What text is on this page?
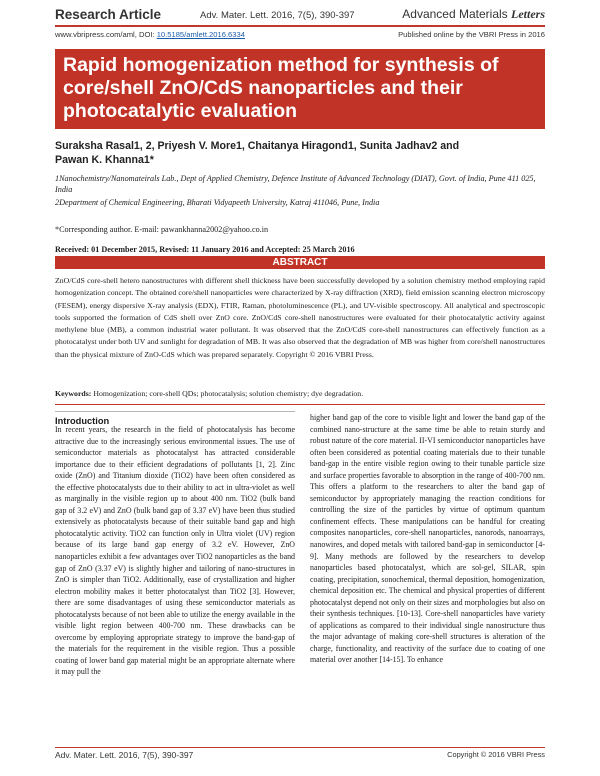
Research Article	Adv. Mater. Lett. 2016, 7(5), 390-397	Advanced Materials Letters
www.vbripress.com/aml, DOI: 10.5185/amlett.2016.6334	Published online by the VBRI Press in 2016
Rapid homogenization method for synthesis of core/shell ZnO/CdS nanoparticles and their photocatalytic evaluation
Suraksha Rasal1, 2, Priyesh V. More1, Chaitanya Hiragond1, Sunita Jadhav2 and
Pawan K. Khanna1*
1Nanochemistry/Nanomateirals Lab., Dept of Applied Chemistry, Defence Institute of Advanced Technology (DIAT), Govt. of India, Pune 411 025, India
2Department of Chemical Engineering, Bharati Vidyapeeth University, Katraj 411046, Pune, India
*Corresponding author. E-mail: pawankhanna2002@yahoo.co.in
Received: 01 December 2015, Revised: 11 January 2016 and Accepted: 25 March 2016
ABSTRACT
ZnO/CdS core-shell hetero nanostructures with different shell thickness have been successfully developed by a solution chemistry method employing rapid homogenization concept. The obtained core/shell nanoparticles were characterized by X-ray diffraction (XRD), field emission scanning electron microscopy (FESEM), energy dispersive X-ray analysis (EDX), FTIR, Raman, photoluminescence (PL), and UV-visible spectroscopy. All analytical and spectroscopic tools supported the formation of CdS shell over ZnO core. ZnO/CdS core-shell nanostructures were evaluated for their photocatalytic activity against methylene blue (MB), a common industrial water pollutant. It was observed that the ZnO/CdS core-shell nanostructures can effectively function as a photocatalyst under both UV and sunlight for degradation of MB. It was also observed that the degradation of MB was higher from core/shell nanostructures than the physical mixture of ZnO-CdS which was prepared separately. Copyright © 2016 VBRI Press.
Keywords: Homogenization; core-shell QDs; photocatalysis; solution chemistry; dye degradation.
Introduction
In recent years, the research in the field of photocatalysis has become attractive due to the increasingly serious environmental issues. The use of semiconductor materials as photocatalyst has attracted considerable importance due to their efficient degradations of pollutants [1, 2]. Zinc oxide (ZnO) and Titanium dioxide (TiO2) have been often considered as the effective photocatalysts due to their ability to act in ultra-violet as well as marginally in the visible region up to about 400 nm. TiO2 (bulk band gap of 3.2 eV) and ZnO (bulk band gap of 3.37 eV) have been thus studied extensively as photocatalysts because of their suitable band gap and high photocatalytic activity. TiO2 can function only in Ultra violet (UV) region because of its large band gap energy of 3.2 eV. However, ZnO nanoparticles exhibit a few advantages over TiO2 nanoparticles as the band gap of ZnO (3.37 eV) is slightly higher and tailoring of nano-structures in ZnO is simpler than TiO2. Additionally, ease of crystallization and higher electron mobility makes it better photocatalyst than TiO2 [3]. However, there are some disadvantages of using these semiconductor materials as photocatalysts because of not been able to utilize the energy available in the visible light region between 400-700 nm. These drawbacks can be overcome by employing appropriate strategy to improve the band-gap of the materials for the requirement in the visible region. Thus a possible coating of lower band gap material might be an appropriate alternate where it may pull the
higher band gap of the core to visible light and lower the band gap of the combined nano-structure at the same time be able to retain sturdy and robust nature of the core material. II-VI semiconductor nanoparticles have often been considered as potential coating materials due to their tunable band-gap in the entire visible region owing to their tunable particle size and surface properties favorable to absorption in the range of 400-700 nm. This offers a platform to the researchers to alter the band gap of semiconductor by appropriately managing the reaction conditions for controlling the size of the particles by virtue of optimum quantum confinement effects. These manipulations can be handful for creating composites nanoparticles, core-shell nanoparticles, nanorods, nanoarrays, nanowires, and doped metals with tailored band-gap in semiconductor [4-9]. Many methods are followed by the researchers to develop nanoparticles based photocatalyst, which are sol-gel, SILAR, spin coating, precipitation, sonochemical, thermal deposition, homogenization, chemical deposition etc. The chemical and physical properties of different photocatalyst depend not only on their sizes and morphologies but also on their synthesis techniques. [10-13]. Core-shell nanoparticles have variety of applications as compared to their individual single nanostructure thus the major advantage of making core-shell structures is alteration of the charge, functionality, and reactivity of the surface due to coating of one material over another [14-15]. To enhance
Adv. Mater. Lett. 2016, 7(5), 390-397	Copyright © 2016 VBRI Press
